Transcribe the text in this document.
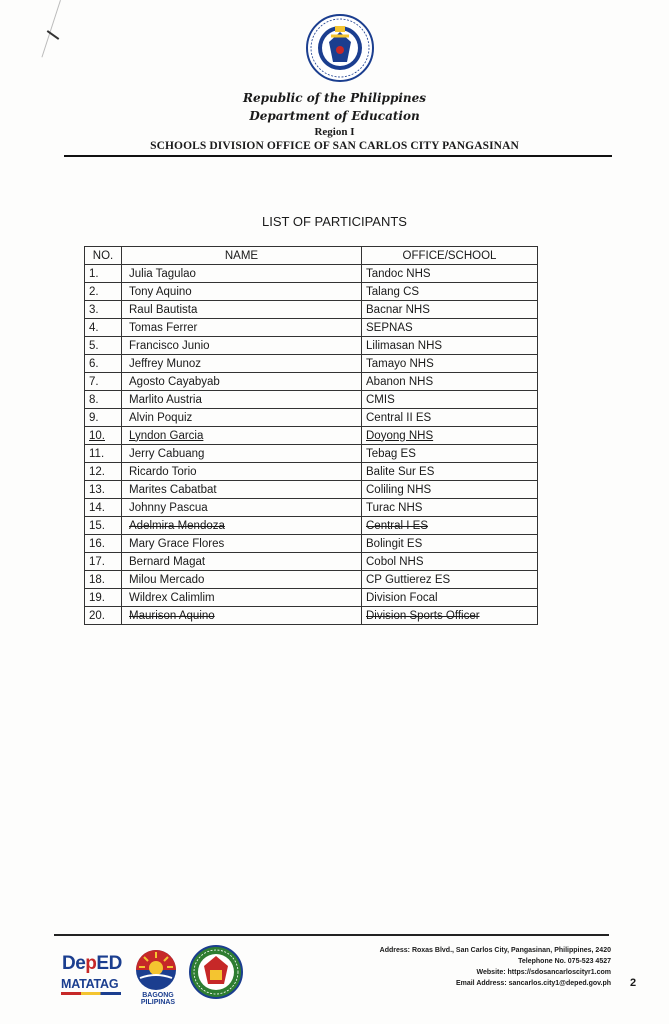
Republic of the Philippines
Department of Education
Region I
SCHOOLS DIVISION OFFICE OF SAN CARLOS CITY PANGASINAN
LIST OF PARTICIPANTS
NO.	NAME	OFFICE/SCHOOL
1.	Julia Tagulao	Tandoc NHS
2.	Tony Aquino	Talang CS
3.	Raul Bautista	Bacnar NHS
4.	Tomas Ferrer	SEPNAS
5.	Francisco Junio	Lilimasan NHS
6.	Jeffrey Munoz	Tamayo NHS
7.	Agosto Cayabyab	Abanon NHS
8.	Marlito Austria	CMIS
9.	Alvin Poquiz	Central II ES
10.	Lyndon Garcia	Doyong NHS
11.	Jerry Cabuang	Tebag ES
12.	Ricardo Torio	Balite Sur ES
13.	Marites Cabatbat	Coliling NHS
14.	Johnny Pascua	Turac NHS
15.	Adelmira Mendoza	Central I ES
16.	Mary Grace Flores	Bolingit ES
17.	Bernard Magat	Cobol NHS
18.	Milou Mercado	CP Guttierez ES
19.	Wildrex Calimlim	Division Focal
20.	Maurison Aquino	Division Sports Officer
DepED
MATATAG
BAGONG PILIPINAS
Address: Roxas Blvd., San Carlos City, Pangasinan, Philippines, 2420
Telephone No. 075-523 4527
Website: https://sdosancarloscityr1.com
Email Address: sancarlos.city1@deped.gov.ph 2
